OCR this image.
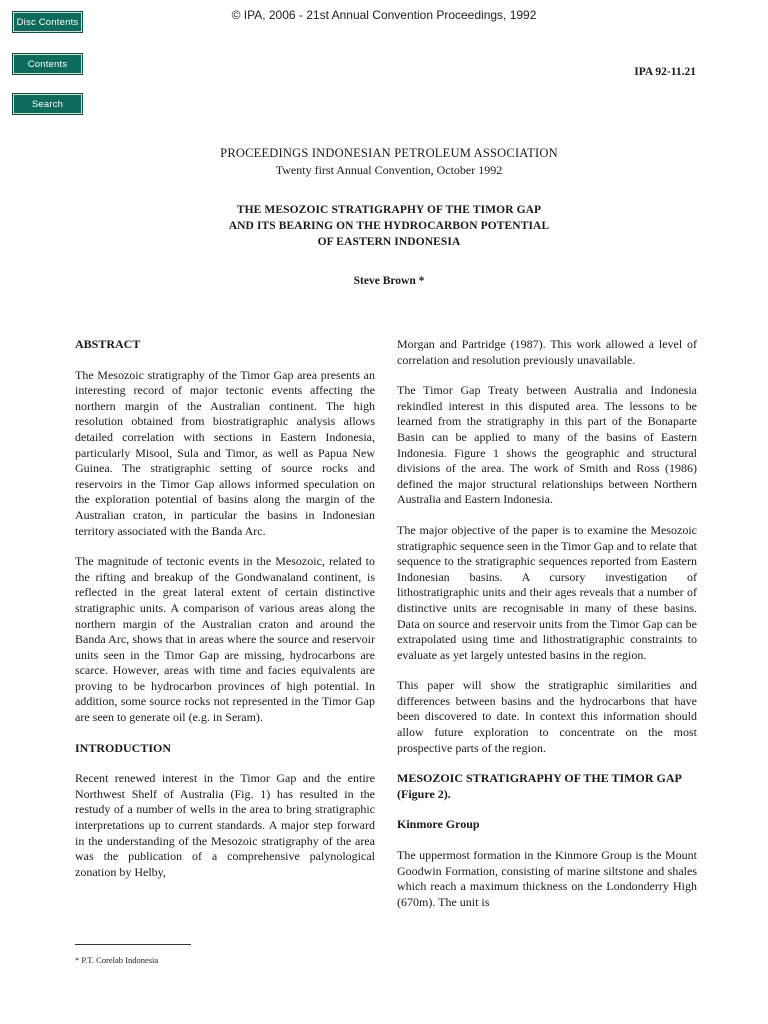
Disc Contents
Contents
Search
© IPA, 2006 - 21st Annual Convention Proceedings, 1992
IPA 92-11.21
PROCEEDINGS INDONESIAN PETROLEUM ASSOCIATION
Twenty first Annual Convention, October 1992
THE MESOZOIC STRATIGRAPHY OF THE TIMOR GAP
AND ITS BEARING ON THE HYDROCARBON POTENTIAL
OF EASTERN INDONESIA
Steve Brown *
ABSTRACT

The Mesozoic stratigraphy of the Timor Gap area presents an interesting record of major tectonic events affecting the northern margin of the Australian continent. The high resolution obtained from biostratigraphic analysis allows detailed correlation with sections in Eastern Indonesia, particularly Misool, Sula and Timor, as well as Papua New Guinea. The stratigraphic setting of source rocks and reservoirs in the Timor Gap allows informed speculation on the exploration potential of basins along the margin of the Australian craton, in particular the basins in Indonesian territory associated with the Banda Arc.

The magnitude of tectonic events in the Mesozoic, related to the rifting and breakup of the Gondwanaland continent, is reflected in the great lateral extent of certain distinctive stratigraphic units. A comparison of various areas along the northern margin of the Australian craton and around the Banda Arc, shows that in areas where the source and reservoir units seen in the Timor Gap are missing, hydrocarbons are scarce. However, areas with time and facies equivalents are proving to be hydrocarbon provinces of high potential. In addition, some source rocks not represented in the Timor Gap are seen to generate oil (e.g. in Seram).

INTRODUCTION

Recent renewed interest in the Timor Gap and the entire Northwest Shelf of Australia (Fig. 1) has resulted in the restudy of a number of wells in the area to bring stratigraphic interpretations up to current standards. A major step forward in the understanding of the Mesozoic stratigraphy of the area was the publication of a comprehensive palynological zonation by Helby,

Morgan and Partridge (1987). This work allowed a level of correlation and resolution previously unavailable.

The Timor Gap Treaty between Australia and Indonesia rekindled interest in this disputed area. The lessons to be learned from the stratigraphy in this part of the Bonaparte Basin can be applied to many of the basins of Eastern Indonesia. Figure 1 shows the geographic and structural divisions of the area. The work of Smith and Ross (1986) defined the major structural relationships between Northern Australia and Eastern Indonesia.

The major objective of the paper is to examine the Mesozoic stratigraphic sequence seen in the Timor Gap and to relate that sequence to the stratigraphic sequences reported from Eastern Indonesian basins. A cursory investigation of lithostratigraphic units and their ages reveals that a number of distinctive units are recognisable in many of these basins. Data on source and reservoir units from the Timor Gap can be extrapolated using time and lithostratigraphic constraints to evaluate as yet largely untested basins in the region.

This paper will show the stratigraphic similarities and differences between basins and the hydrocarbons that have been discovered to date. In context this information should allow future exploration to concentrate on the most prospective parts of the region.

MESOZOIC STRATIGRAPHY OF THE TIMOR GAP (Figure 2).
Kinmore Group

The uppermost formation in the Kinmore Group is the Mount Goodwin Formation, consisting of marine siltstone and shales which reach a maximum thickness on the Londonderry High (670m). The unit is

* P.T. Corelab Indonesia
